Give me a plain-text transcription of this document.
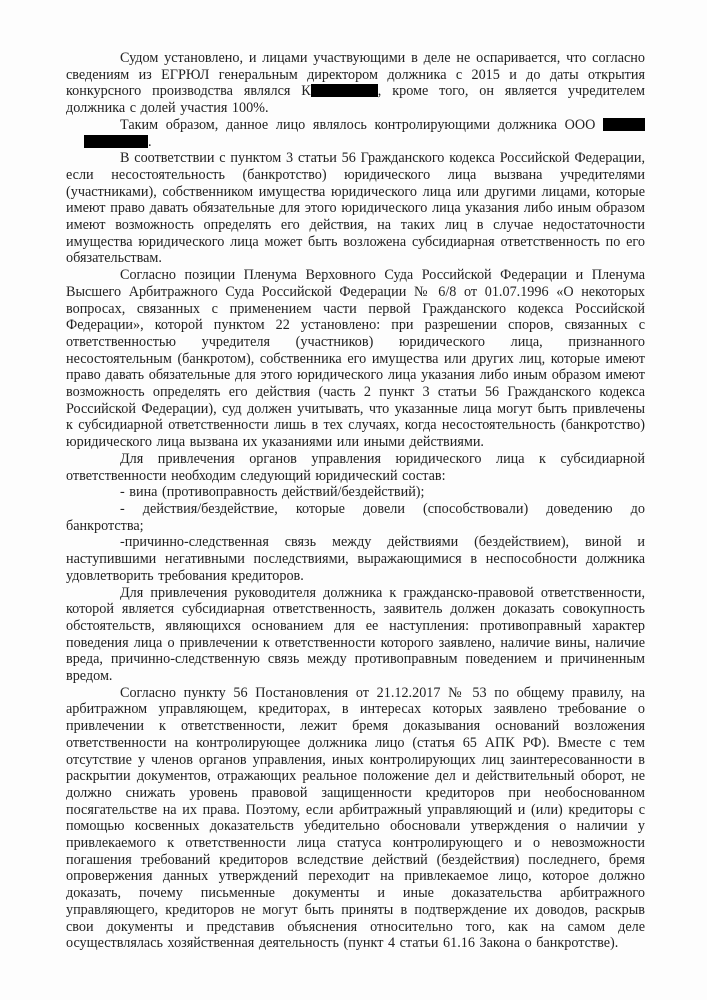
Судом установлено, и лицами участвующими в деле не оспаривается, что согласно сведениям из ЕГРЮЛ генеральным директором должника с 2015 и до даты открытия конкурсного производства являлся К	, кроме того, он является учредителем должника с долей участия 100%.
Таким образом, данное лицо являлось контролирующими должника ООО
.
В соответствии с пунктом 3 статьи 56 Гражданского кодекса Российской Федерации, если несостоятельность (банкротство) юридического лица вызвана учредителями (участниками), собственником имущества юридического лица или другими лицами, которые имеют право давать обязательные для этого юридического лица указания либо иным образом имеют возможность определять его действия, на таких лиц в случае недостаточности имущества юридического лица может быть возложена субсидиарная ответственность по его обязательствам.
Согласно позиции Пленума Верховного Суда Российской Федерации и Пленума Высшего Арбитражного Суда Российской Федерации № 6/8 от 01.07.1996 «О некоторых вопросах, связанных с применением части первой Гражданского кодекса Российской Федерации», которой пунктом 22 установлено: при разрешении споров, связанных с ответственностью учредителя (участников) юридического лица, признанного несостоятельным (банкротом), собственника его имущества или других лиц, которые имеют право давать обязательные для этого юридического лица указания либо иным образом имеют возможность определять его действия (часть 2 пункт 3 статьи 56 Гражданского кодекса Российской Федерации), суд должен учитывать, что указанные лица могут быть привлечены к субсидиарной ответственности лишь в тех случаях, когда несостоятельность (банкротство) юридического лица вызвана их указаниями или иными действиями.
Для привлечения органов управления юридического лица к субсидиарной ответственности необходим следующий юридический состав:
- вина (противоправность действий/бездействий);
- действия/бездействие, которые довели (способствовали) доведению до банкротства;
-причинно-следственная связь между действиями (бездействием), виной и наступившими негативными последствиями, выражающимися в неспособности должника удовлетворить требования кредиторов.
Для привлечения руководителя должника к гражданско-правовой ответственности, которой является субсидиарная ответственность, заявитель должен доказать совокупность обстоятельств, являющихся основанием для ее наступления: противоправный характер поведения лица о привлечении к ответственности которого заявлено, наличие вины, наличие вреда, причинно-следственную связь между противоправным поведением и причиненным вредом.
Согласно пункту 56 Постановления от 21.12.2017 № 53 по общему правилу, на арбитражном управляющем, кредиторах, в интересах которых заявлено требование о привлечении к ответственности, лежит бремя доказывания оснований возложения ответственности на контролирующее должника лицо (статья 65 АПК РФ). Вместе с тем отсутствие у членов органов управления, иных контролирующих лиц заинтересованности в раскрытии документов, отражающих реальное положение дел и действительный оборот, не должно снижать уровень правовой защищенности кредиторов при необоснованном посягательстве на их права. Поэтому, если арбитражный управляющий и (или) кредиторы с помощью косвенных доказательств убедительно обосновали утверждения о наличии у привлекаемого к ответственности лица статуса контролирующего и о невозможности погашения требований кредиторов вследствие действий (бездействия) последнего, бремя опровержения данных утверждений переходит на привлекаемое лицо, которое должно доказать, почему письменные документы и иные доказательства арбитражного управляющего, кредиторов не могут быть приняты в подтверждение их доводов, раскрыв свои документы и представив объяснения относительно того, как на самом деле осуществлялась хозяйственная деятельность (пункт 4 статьи 61.16 Закона о банкротстве).
